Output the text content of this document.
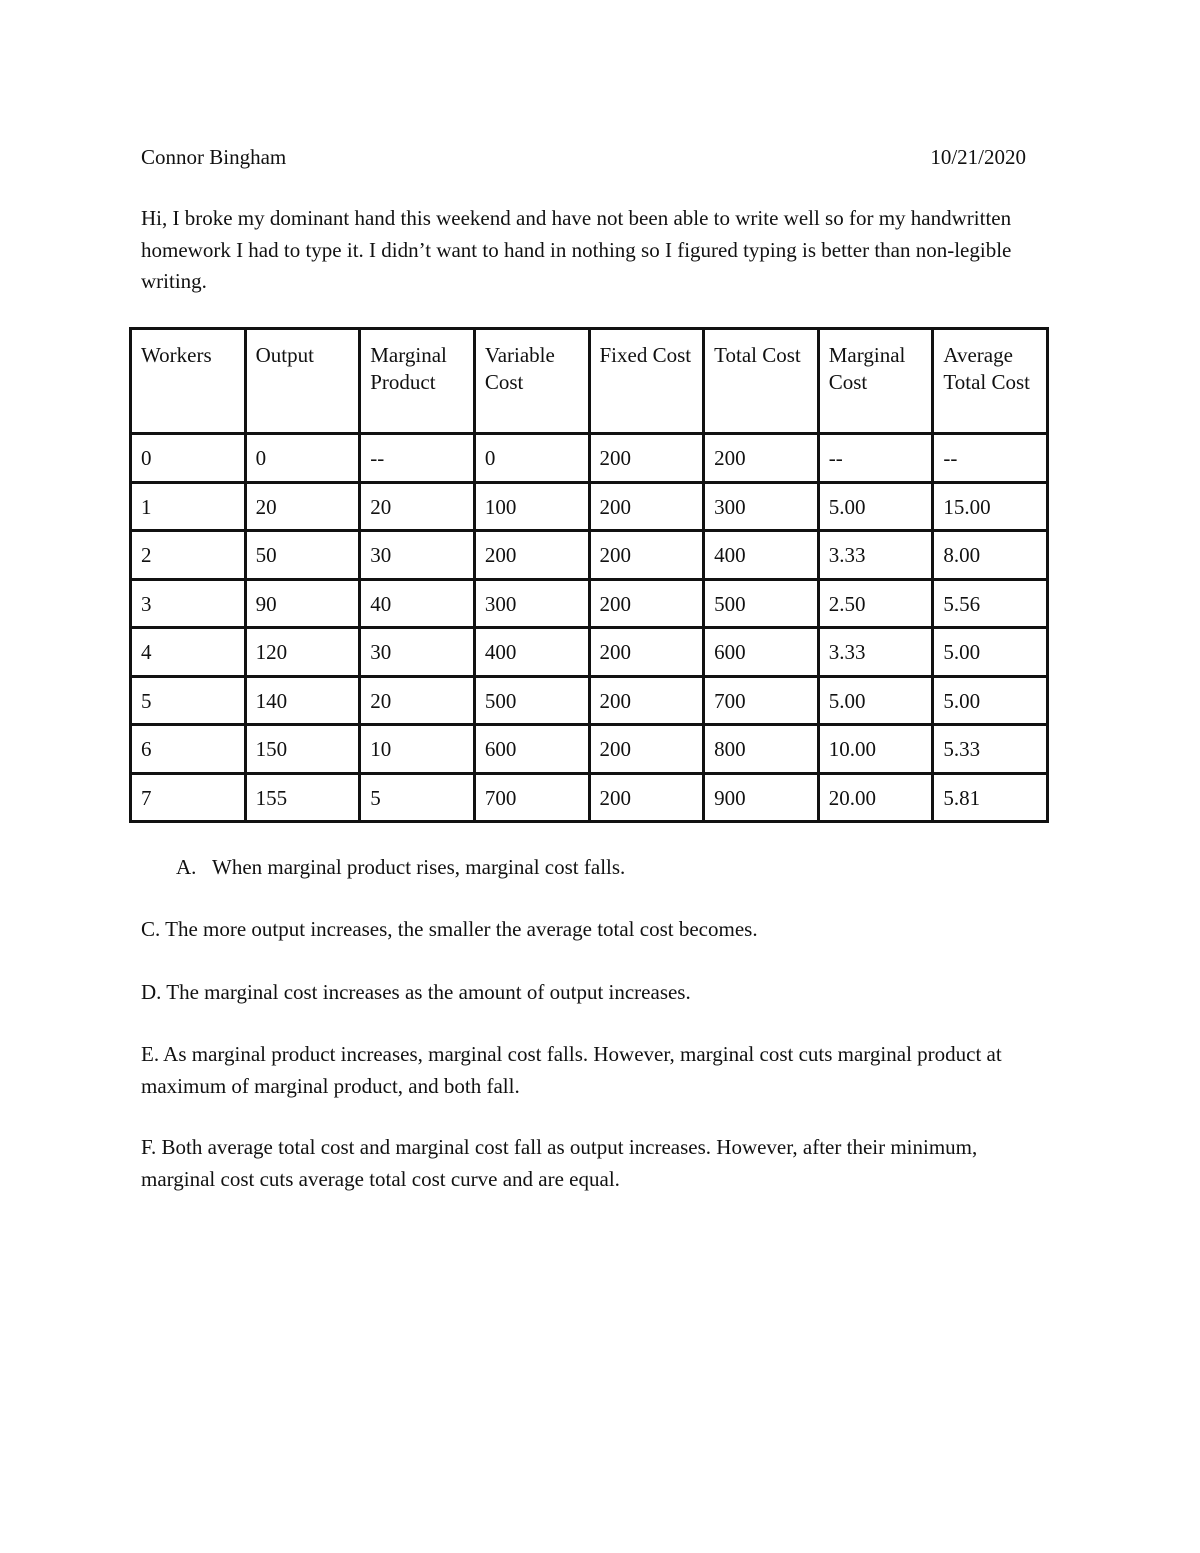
Connor Bingham	10/21/2020

Hi, I broke my dominant hand this weekend and have not been able to write well so for my handwritten homework I had to type it. I didn’t want to hand in nothing so I figured typing is better than non-legible writing.

Workers	Output	Marginal Product	Variable Cost	Fixed Cost	Total Cost	Marginal Cost	Average Total Cost
0	0	--	0	200	200	--	--
1	20	20	100	200	300	5.00	15.00
2	50	30	200	200	400	3.33	8.00
3	90	40	300	200	500	2.50	5.56
4	120	30	400	200	600	3.33	5.00
5	140	20	500	200	700	5.00	5.00
6	150	10	600	200	800	10.00	5.33
7	155	5	700	200	900	20.00	5.81

A. When marginal product rises, marginal cost falls.

C. The more output increases, the smaller the average total cost becomes.

D. The marginal cost increases as the amount of output increases.

E. As marginal product increases, marginal cost falls. However, marginal cost cuts marginal product at maximum of marginal product, and both fall.

F. Both average total cost and marginal cost fall as output increases. However, after their minimum, marginal cost cuts average total cost curve and are equal.
